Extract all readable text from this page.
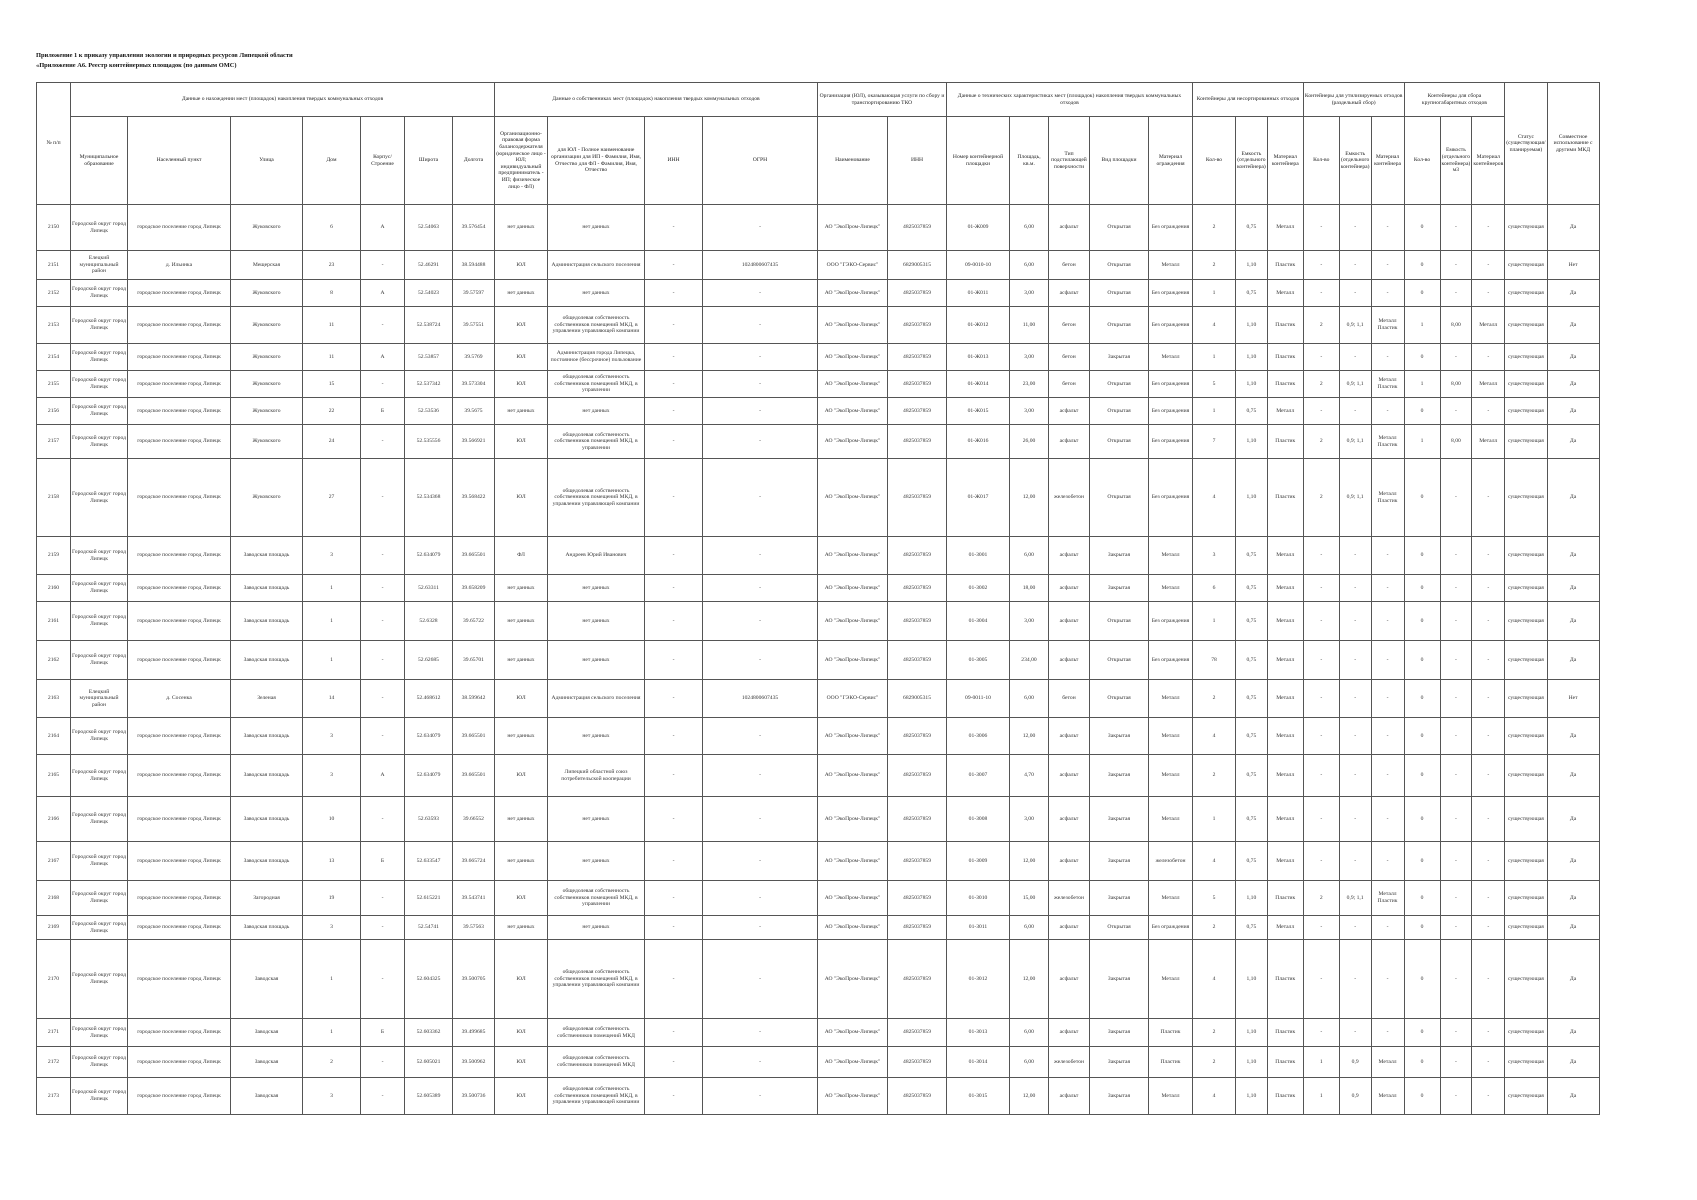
Приложение 1 к приказу управления экологии и природных ресурсов Липецкой области
«Приложение А6. Реестр контейнерных площадок (по данным ОМС)
№ п/п	Данные о нахождении мест (площадок) накопления твердых коммунальных отходов							Данные о собственниках мест (площадок) накопления твердых коммунальных отходов				Организация (ЮЛ), оказывающая услуги по сбору и транспортированию ТКО		Данные о технических характеристиках мест (площадок) накопления твердых коммунальных отходов					Контейнеры для несортированных отходов			Контейнеры для утилизируемых отходов (раздельный сбор)			Контейнеры для сбора крупногабаритных отходов			Статус (существующая/ планируемая)	Совместное использование с другими МКД
	Муниципальное образование	Населенный пункт	Улица	Дом	Корпус/Строение	Широта	Долгота	Организационно-правовая форма балансодержателя (юридическое лицо - ЮЛ; индивидуальный предприниматель - ИП; физическое лицо - ФЛ)	для ЮЛ - Полное наименование организации для ИП - Фамилия, Имя, Отчество для ФЛ - Фамилия, Имя, Отчество	ИНН	ОГРН	Наименование	ИНН	Номер контейнерной площадки	Площадь, кв.м.	Тип подстилающей поверхности	Вид площадки	Материал ограждения	Кол-во	Емкость (отдельного контейнера)	Материал контейнера	Кол-во	Емкость (отдельного контейнера)	Материал контейнера	Кол-во	Емкость (отдельного контейнера) м3	Материал контейнеров		
2150	Городской округ город Липецк	городское поселение город Липецк	Жуковского	6	А	52.54063	39.576454	нет данных	нет данных	-	-	АО "ЭкоПром-Липецк"	4825037859	01-Ж009	6,00	асфальт	Открытая	Без ограждения	2	0,75	Металл	-	-	-	0	-	-	существующая	Да
2151	Елецкий муниципальный район	д. Ильинка	Мещерская	23	-	52.46291	38.594488	ЮЛ	Администрация сельского поселения	-	1024800607435	ООО "ГЭКО-Сервис"	6829005315	09-0010-10	6,00	бетон	Открытая	Металл	2	1,10	Пластик	-	-	-	0	-	-	существующая	Нет
2152	Городской округ город Липецк	городское поселение город Липецк	Жуковского	8	А	52.54023	39.57597	нет данных	нет данных	-	-	АО "ЭкоПром-Липецк"	4825037859	01-Ж011	3,00	асфальт	Открытая	Без ограждения	1	0,75	Металл	-	-	-	0	-	-	существующая	Да
2153	Городской округ город Липецк	городское поселение город Липецк	Жуковского	11	-	52.538724	39.57551	ЮЛ	общедолевая собственность собственников помещений МКД, в управлении управляющей компании	-	-	АО "ЭкоПром-Липецк"	4825037859	01-Ж012	11,00	бетон	Открытая	Без ограждения	4	1,10	Пластик	2	0,9; 1,1	Металл Пластик	1	8,00	Металл	существующая	Да
2154	Городской округ город Липецк	городское поселение город Липецк	Жуковского	11	А	52.53857	39.5769	ЮЛ	Администрация города Липецка, постоянное (бессрочное) пользование	-	-	АО "ЭкоПром-Липецк"	4825037859	01-Ж013	3,00	бетон	Закрытая	Металл	1	1,10	Пластик	-	-	-	0	-	-	существующая	Да
2155	Городской округ город Липецк	городское поселение город Липецк	Жуковского	15	-	52.537342	39.573304	ЮЛ	общедолевая собственность собственников помещений МКД, в управлении	-	-	АО "ЭкоПром-Липецк"	4825037859	01-Ж014	23,00	бетон	Открытая	Без ограждения	5	1,10	Пластик	2	0,9; 1,1	Металл Пластик	1	8,00	Металл	существующая	Да
2156	Городской округ город Липецк	городское поселение город Липецк	Жуковского	22	Б	52.53536	39.5675	нет данных	нет данных	-	-	АО "ЭкоПром-Липецк"	4825037859	01-Ж015	3,00	асфальт	Открытая	Без ограждения	1	0,75	Металл	-	-	-	0	-	-	существующая	Да
2157	Городской округ город Липецк	городское поселение город Липецк	Жуковского	24	-	52.535556	39.566921	ЮЛ	общедолевая собственность собственников помещений МКД, в управлении	-	-	АО "ЭкоПром-Липецк"	4825037859	01-Ж016	26,00	асфальт	Открытая	Без ограждения	7	1,10	Пластик	2	0,9; 1,1	Металл Пластик	1	8,00	Металл	существующая	Да
2158	Городской округ город Липецк	городское поселение город Липецк	Жуковского	27	-	52.534368	39.568422	ЮЛ	общедолевая собственность собственников помещений МКД, в управлении управляющей компании	-	-	АО "ЭкоПром-Липецк"	4825037859	01-Ж017	12,00	железобетон	Открытая	Без ограждения	4	1,10	Пластик	2	0,9; 1,1	Металл Пластик	0	-	-	существующая	Да
2159	Городской округ город Липецк	городское поселение город Липецк	Заводская площадь	3	-	52.634079	39.665501	ФЛ	Андреев Юрий Иванович	-	-	АО "ЭкоПром-Липецк"	4825037859	01-З001	6,00	асфальт	Закрытая	Металл	3	0,75	Металл	-	-	-	0	-	-	существующая	Да
2160	Городской округ город Липецк	городское поселение город Липецк	Заводская площадь	1	-	52.63311	39.658209	нет данных	нет данных	-	-	АО "ЭкоПром-Липецк"	4825037859	01-З002	18,00	асфальт	Закрытая	Металл	6	0,75	Металл	-	-	-	0	-	-	существующая	Да
2161	Городской округ город Липецк	городское поселение город Липецк	Заводская площадь	1	-	52.6328	39.65722	нет данных	нет данных	-	-	АО "ЭкоПром-Липецк"	4825037859	01-З004	3,00	асфальт	Открытая	Без ограждения	1	0,75	Металл	-	-	-	0	-	-	существующая	Да
2162	Городской округ город Липецк	городское поселение город Липецк	Заводская площадь	1	-	52.62685	39.65701	нет данных	нет данных	-	-	АО "ЭкоПром-Липецк"	4825037859	01-З005	234,00	асфальт	Открытая	Без ограждения	78	0,75	Металл	-	-	-	0	-	-	существующая	Да
2163	Елецкий муниципальный район	д. Сосенка	Зеленая	14	-	52.468612	38.599642	ЮЛ	Администрация сельского поселения	-	1024800607435	ООО "ГЭКО-Сервис"	6829005315	09-0011-10	6,00	бетон	Открытая	Металл	2	0,75	Металл	-	-	-	0	-	-	существующая	Нет
2164	Городской округ город Липецк	городское поселение город Липецк	Заводская площадь	3	-	52.634079	39.665501	нет данных	нет данных	-	-	АО "ЭкоПром-Липецк"	4825037859	01-З006	12,00	асфальт	Закрытая	Металл	4	0,75	Металл	-	-	-	0	-	-	существующая	Да
2165	Городской округ город Липецк	городское поселение город Липецк	Заводская площадь	3	А	52.634079	39.665501	ЮЛ	Липецкий областной союз потребительской кооперации	-	-	АО "ЭкоПром-Липецк"	4825037859	01-З007	4,70	асфальт	Закрытая	Металл	2	0,75	Металл	-	-	-	0	-	-	существующая	Да
2166	Городской округ город Липецк	городское поселение город Липецк	Заводская площадь	10	-	52.63593	39.66552	нет данных	нет данных	-	-	АО "ЭкоПром-Липецк"	4825037859	01-З008	3,00	асфальт	Закрытая	Металл	1	0,75	Металл	-	-	-	0	-	-	существующая	Да
2167	Городской округ город Липецк	городское поселение город Липецк	Заводская площадь	13	Б	52.633547	39.665724	нет данных	нет данных	-	-	АО "ЭкоПром-Липецк"	4825037859	01-З009	12,00	асфальт	Закрытая	железобетон	4	0,75	Металл	-	-	-	0	-	-	существующая	Да
2168	Городской округ город Липецк	городское поселение город Липецк	Загородная	19	-	52.615221	39.543741	ЮЛ	общедолевая собственность собственников помещений МКД, в управлении	-	-	АО "ЭкоПром-Липецк"	4825037859	01-З010	15,00	железобетон	Закрытая	Металл	5	1,10	Пластик	2	0,9; 1,1	Металл Пластик	0	-	-	существующая	Да
2169	Городской округ город Липецк	городское поселение город Липецк	Заводская площадь	3	-	52.54741	39.57563	нет данных	нет данных	-	-	АО "ЭкоПром-Липецк"	4825037859	01-З011	6,00	асфальт	Открытая	Без ограждения	2	0,75	Металл	-	-	-	0	-	-	существующая	Да
2170	Городской округ город Липецк	городское поселение город Липецк	Заводская	1	-	52.604325	39.500705	ЮЛ	общедолевая собственность собственников помещений МКД, в управлении управляющей компании	-	-	АО "ЭкоПром-Липецк"	4825037859	01-З012	12,00	асфальт	Закрытая	Металл	4	1,10	Пластик	-	-	-	0	-	-	существующая	Да
2171	Городской округ город Липецк	городское поселение город Липецк	Заводская	1	Б	52.603362	39.499685	ЮЛ	общедолевая собственность собственников помещений МКД	-	-	АО "ЭкоПром-Липецк"	4825037859	01-З013	6,00	асфальт	Закрытая	Пластик	2	1,10	Пластик	-	-	-	0	-	-	существующая	Да
2172	Городской округ город Липецк	городское поселение город Липецк	Заводская	2	-	52.605021	39.500962	ЮЛ	общедолевая собственность собственников помещений МКД	-	-	АО "ЭкоПром-Липецк"	4825037859	01-З014	6,00	железобетон	Закрытая	Пластик	2	1,10	Пластик	1	0,9	Металл	0	-	-	существующая	Да
2173	Городской округ город Липецк	городское поселение город Липецк	Заводская	3	-	52.605389	39.500736	ЮЛ	общедолевая собственность собственников помещений МКД, в управлении управляющей компании	-	-	АО "ЭкоПром-Липецк"	4825037859	01-З015	12,00	асфальт	Закрытая	Металл	4	1,10	Пластик	1	0,9	Металл	0	-	-	существующая	Да
